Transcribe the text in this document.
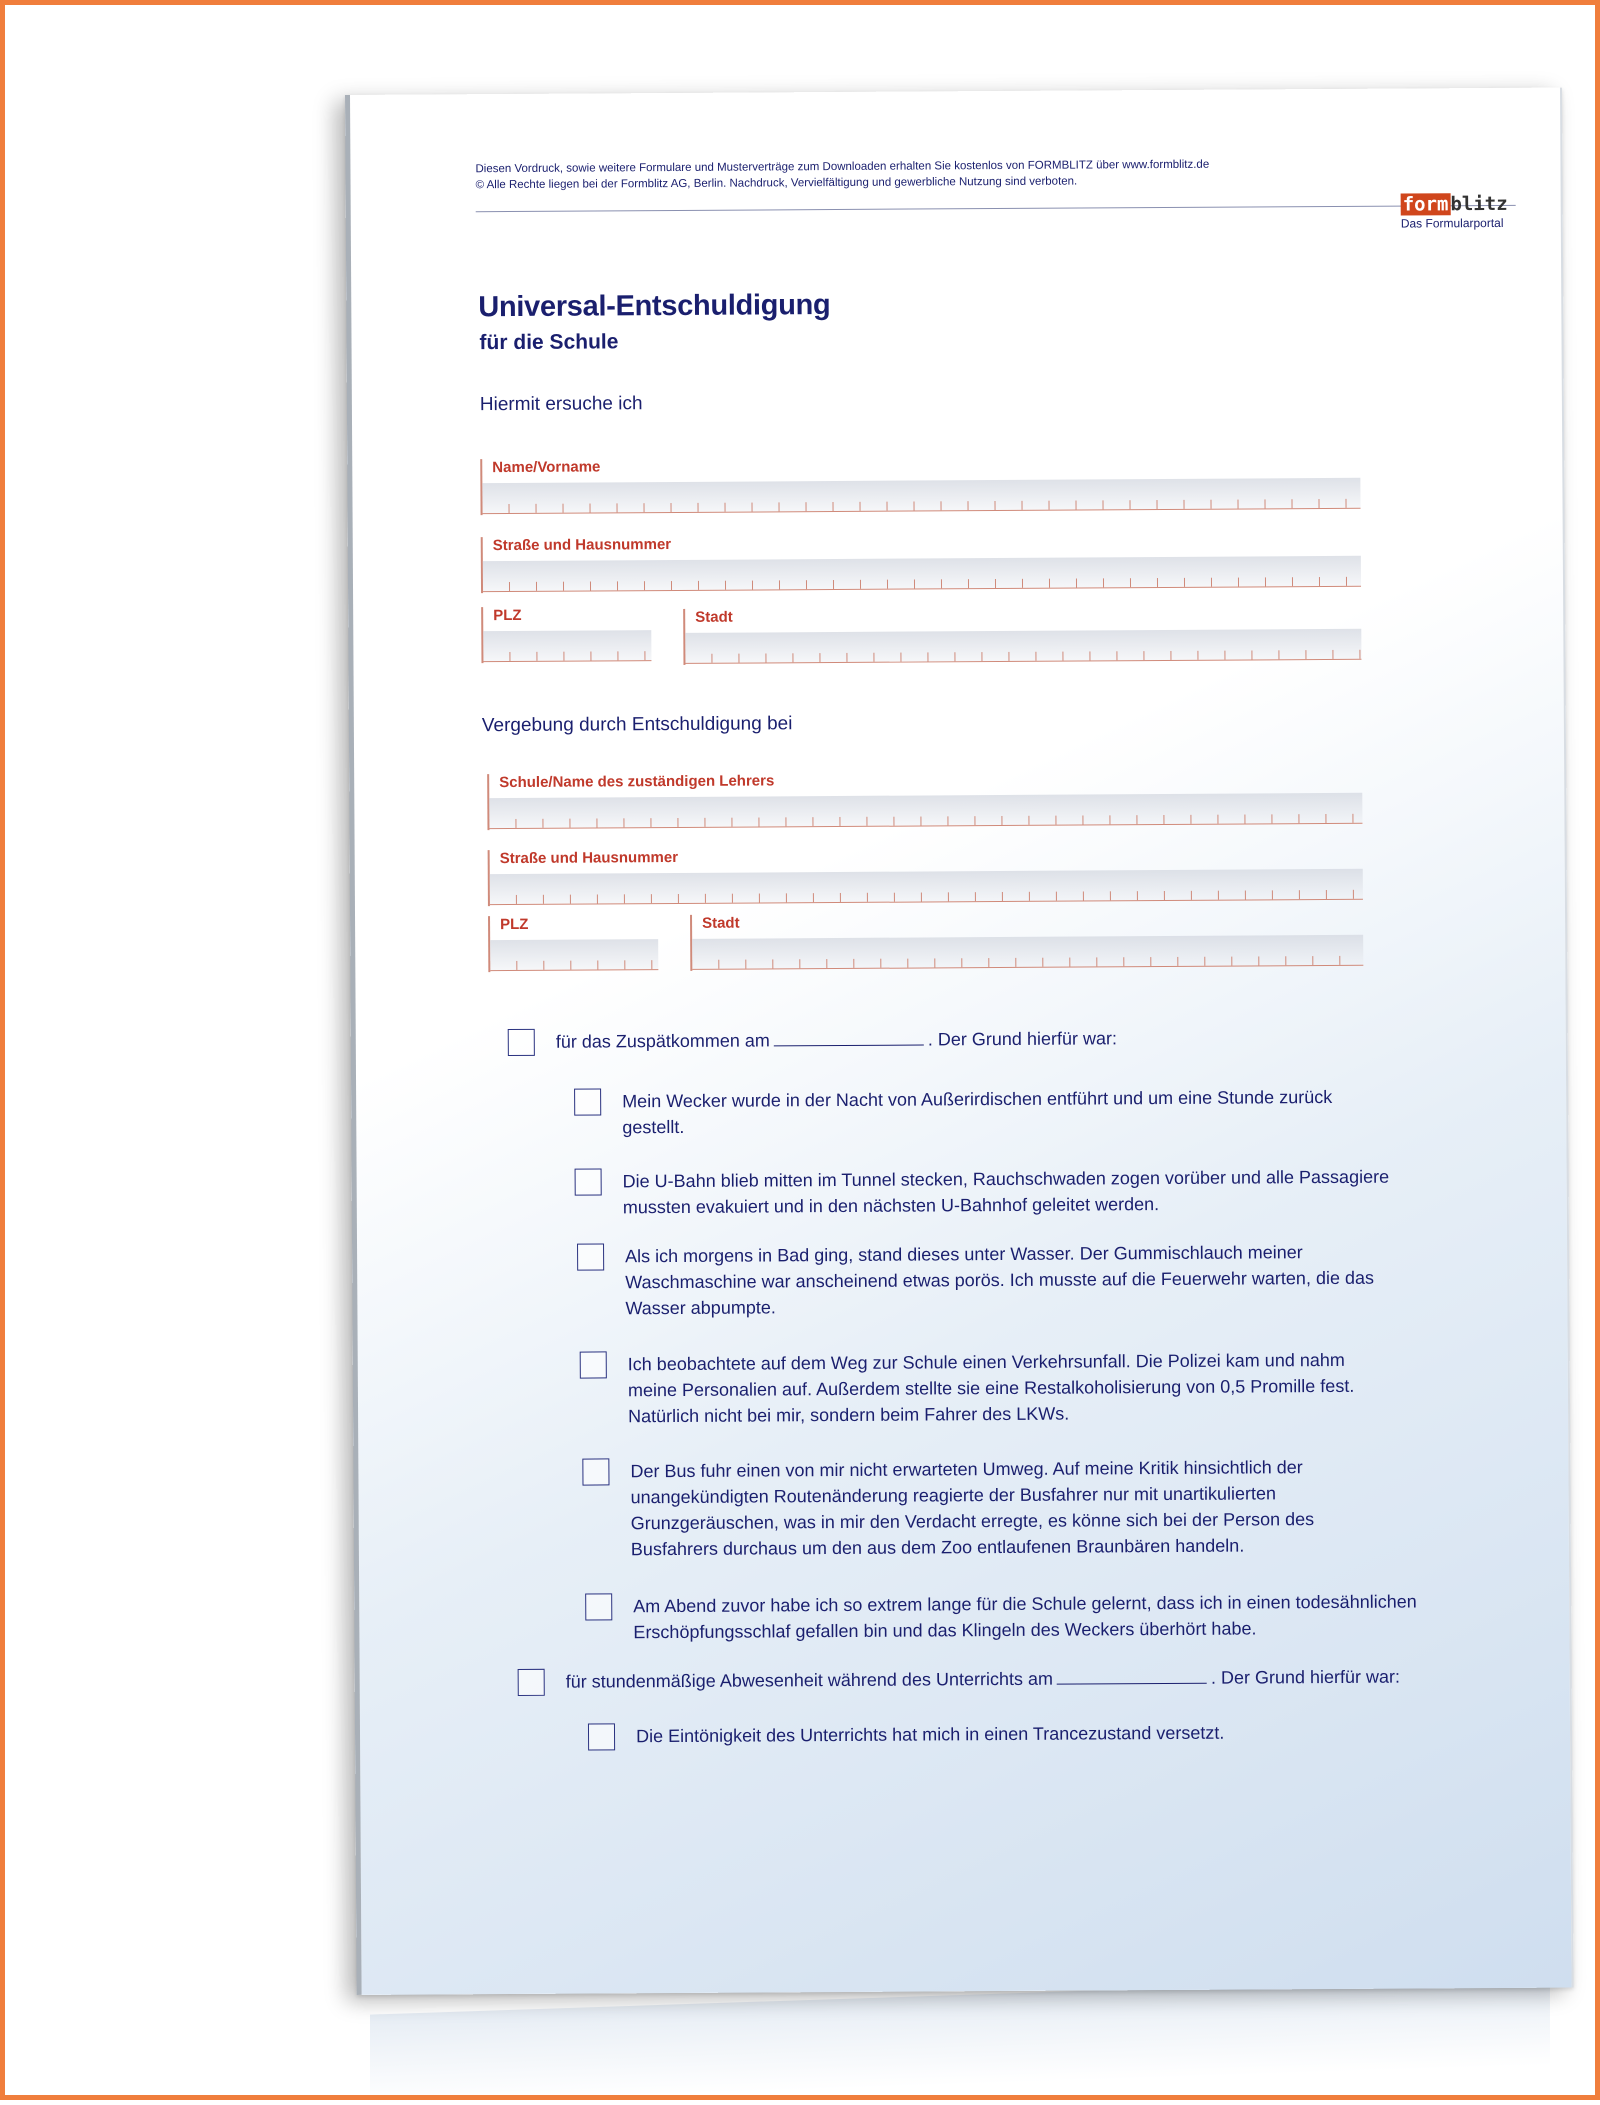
Diesen Vordruck, sowie weitere Formulare und Musterverträge zum Downloaden erhalten Sie kostenlos von FORMBLITZ über www.formblitz.de
© Alle Rechte liegen bei der Formblitz AG, Berlin. Nachdruck, Vervielfältigung und gewerbliche Nutzung sind verboten.
formblitz
Das Formularportal
Universal-Entschuldigung
für die Schule
Hiermit ersuche ich
Name/Vorname
Straße und Hausnummer
PLZ	Stadt
Vergebung durch Entschuldigung bei
Schule/Name des zuständigen Lehrers
Straße und Hausnummer
PLZ	Stadt
für das Zuspätkommen am	. Der Grund hierfür war:
Mein Wecker wurde in der Nacht von Außerirdischen entführt und um eine Stunde zurück gestellt.
Die U-Bahn blieb mitten im Tunnel stecken, Rauchschwaden zogen vorüber und alle Passagiere mussten evakuiert und in den nächsten U-Bahnhof geleitet werden.
Als ich morgens in Bad ging, stand dieses unter Wasser. Der Gummischlauch meiner Waschmaschine war anscheinend etwas porös. Ich musste auf die Feuerwehr warten, die das Wasser abpumpte.
Ich beobachtete auf dem Weg zur Schule einen Verkehrsunfall. Die Polizei kam und nahm meine Personalien auf. Außerdem stellte sie eine Restalkoholisierung von 0,5 Promille fest. Natürlich nicht bei mir, sondern beim Fahrer des LKWs.
Der Bus fuhr einen von mir nicht erwarteten Umweg. Auf meine Kritik hinsichtlich der unangekündigten Routenänderung reagierte der Busfahrer nur mit unartikulierten Grunzgeräuschen, was in mir den Verdacht erregte, es könne sich bei der Person des Busfahrers durchaus um den aus dem Zoo entlaufenen Braunbären handeln.
Am Abend zuvor habe ich so extrem lange für die Schule gelernt, dass ich in einen todesähnlichen Erschöpfungsschlaf gefallen bin und das Klingeln des Weckers überhört habe.
für stundenmäßige Abwesenheit während des Unterrichts am	. Der Grund hierfür war:
Die Eintönigkeit des Unterrichts hat mich in einen Trancezustand versetzt.
